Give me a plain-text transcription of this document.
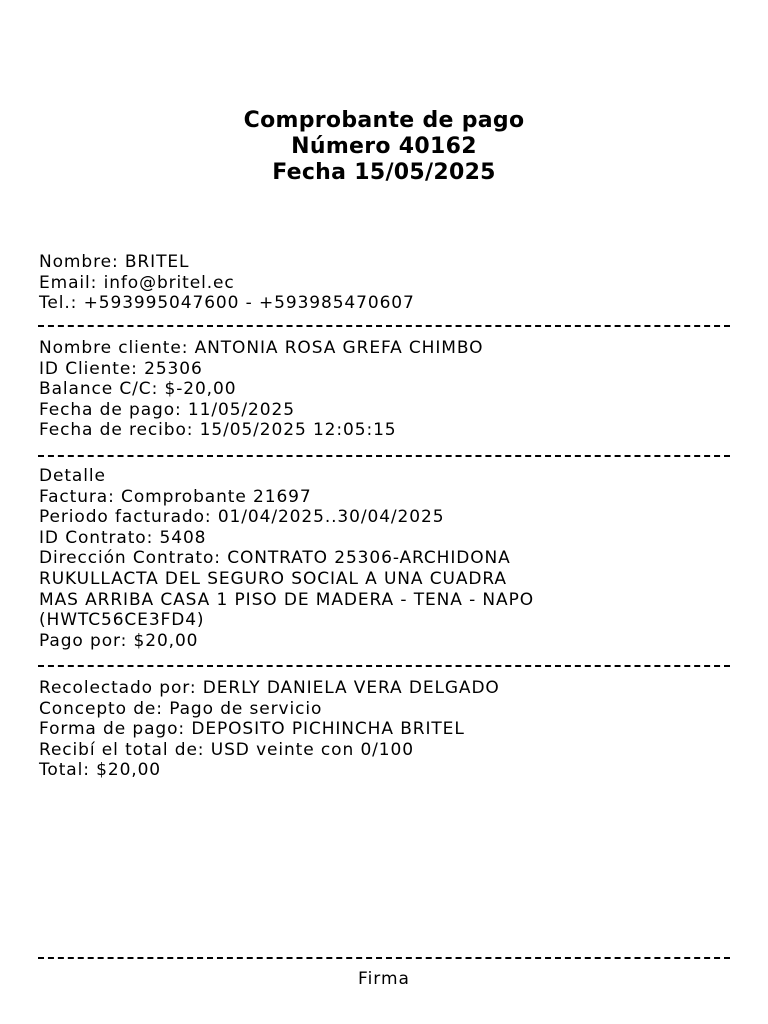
Comprobante de pago
Número 40162
Fecha 15/05/2025
Nombre: BRITEL
Email: info@britel.ec
Tel.: +593995047600 - +593985470607
Nombre cliente: ANTONIA ROSA GREFA CHIMBO
ID Cliente: 25306
Balance C/C: $-20,00
Fecha de pago: 11/05/2025
Fecha de recibo: 15/05/2025 12:05:15
Detalle
Factura: Comprobante 21697
Periodo facturado: 01/04/2025..30/04/2025
ID Contrato: 5408
Dirección Contrato: CONTRATO 25306-ARCHIDONA
RUKULLACTA DEL SEGURO SOCIAL A UNA CUADRA
MAS ARRIBA CASA 1 PISO DE MADERA - TENA - NAPO
(HWTC56CE3FD4)
Pago por: $20,00
Recolectado por: DERLY DANIELA VERA DELGADO
Concepto de: Pago de servicio
Forma de pago: DEPOSITO PICHINCHA BRITEL
Recibí el total de: USD veinte con 0/100
Total: $20,00
Firma
